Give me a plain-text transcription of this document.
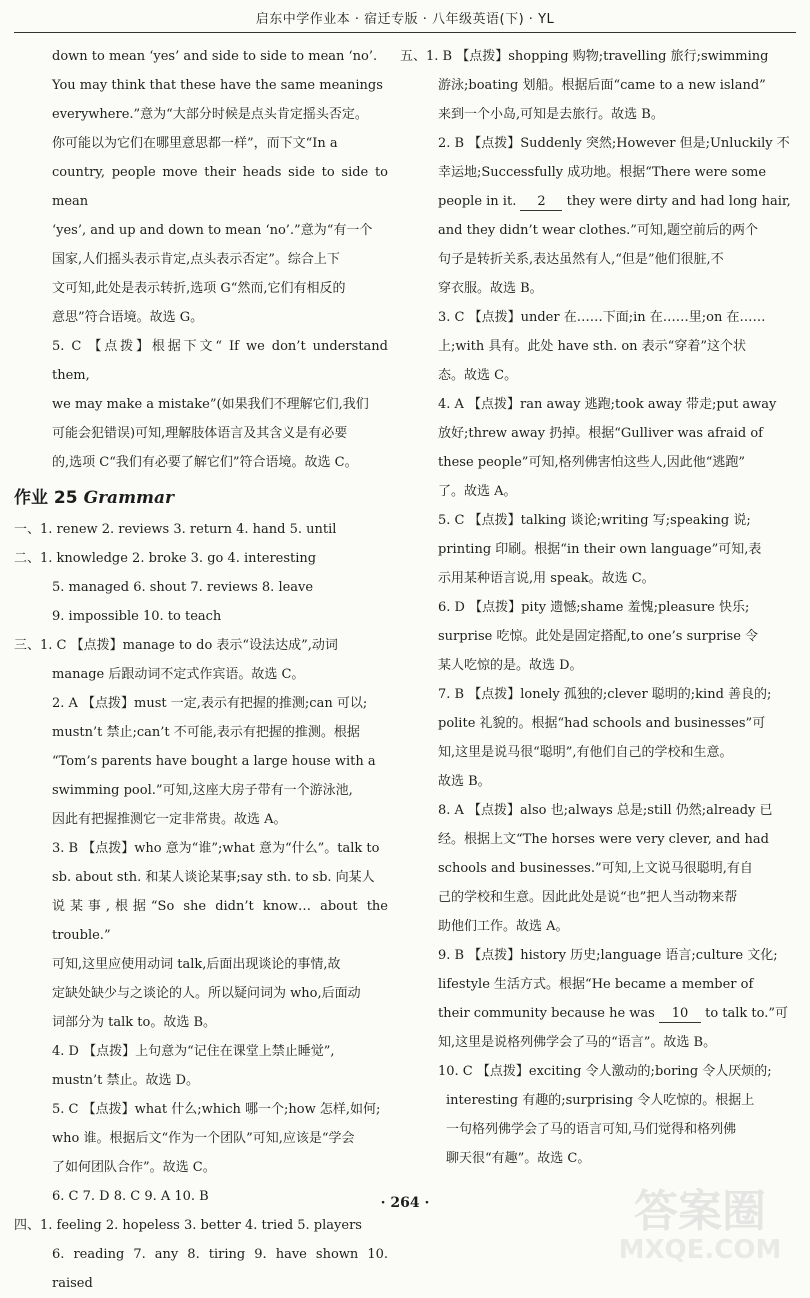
启东中学作业本 · 宿迁专版 · 八年级英语(下) · YL
down to mean ‘yes’ and side to side to mean ‘no’.
You may think that these have the same meanings
everywhere.”意为“大部分时候是点头肯定摇头否定。
你可能以为它们在哪里意思都一样”，而下文“In a
country, people move their heads side to side to mean
‘yes’, and up and down to mean ‘no’.”意为“有一个
国家,人们摇头表示肯定,点头表示否定”。综合上下
文可知,此处是表示转折,选项 G“然而,它们有相反的
意思”符合语境。故选 G。
5. C 【点拨】根据下文“ If we don’t understand them,
we may make a mistake”(如果我们不理解它们,我们
可能会犯错误)可知,理解肢体语言及其含义是有必要
的,选项 C“我们有必要了解它们”符合语境。故选 C。
作业 25 Grammar
一、1. renew 2. reviews 3. return 4. hand 5. until
二、1. knowledge 2. broke 3. go 4. interesting
5. managed 6. shout 7. reviews 8. leave
9. impossible 10. to teach
三、1. C 【点拨】manage to do 表示“设法达成”,动词
manage 后跟动词不定式作宾语。故选 C。
2. A 【点拨】must 一定,表示有把握的推测;can 可以;
mustn’t 禁止;can’t 不可能,表示有把握的推测。根据
“Tom’s parents have bought a large house with a
swimming pool.”可知,这座大房子带有一个游泳池,
因此有把握推测它一定非常贵。故选 A。
3. B 【点拨】who 意为“谁”;what 意为“什么”。talk to
sb. about sth. 和某人谈论某事;say sth. to sb. 向某人
说某事,根据“So she didn’t know… about the trouble.”
可知,这里应使用动词 talk,后面出现谈论的事情,故
定缺处缺少与之谈论的人。所以疑问词为 who,后面动
词部分为 talk to。故选 B。
4. D 【点拨】上句意为“记住在课堂上禁止睡觉”,
mustn’t 禁止。故选 D。
5. C 【点拨】what 什么;which 哪一个;how 怎样,如何;
who 谁。根据后文“作为一个团队”可知,应该是“学会
了如何团队合作”。故选 C。
6. C 7. D 8. C 9. A 10. B
四、1. feeling 2. hopeless 3. better 4. tried 5. players
6. reading 7. any 8. tiring 9. have shown 10. raised
五、1. B 【点拨】shopping 购物;travelling 旅行;swimming
游泳;boating 划船。根据后面“came to a new island”
来到一个小岛,可知是去旅行。故选 B。
2. B 【点拨】Suddenly 突然;However 但是;Unluckily 不
幸运地;Successfully 成功地。根据“There were some
people in it. 2 they were dirty and had long hair,
and they didn’t wear clothes.”可知,题空前后的两个
句子是转折关系,表达虽然有人,“但是”他们很脏,不
穿衣服。故选 B。
3. C 【点拨】under 在……下面;in 在……里;on 在……
上;with 具有。此处 have sth. on 表示“穿着”这个状
态。故选 C。
4. A 【点拨】ran away 逃跑;took away 带走;put away
放好;threw away 扔掉。根据“Gulliver was afraid of
these people”可知,格列佛害怕这些人,因此他“逃跑”
了。故选 A。
5. C 【点拨】talking 谈论;writing 写;speaking 说;
printing 印刷。根据“in their own language”可知,表
示用某种语言说,用 speak。故选 C。
6. D 【点拨】pity 遗憾;shame 羞愧;pleasure 快乐;
surprise 吃惊。此处是固定搭配,to one’s surprise 令
某人吃惊的是。故选 D。
7. B 【点拨】lonely 孤独的;clever 聪明的;kind 善良的;
polite 礼貌的。根据“had schools and businesses”可
知,这里是说马很“聪明”,有他们自己的学校和生意。
故选 B。
8. A 【点拨】also 也;always 总是;still 仍然;already 已
经。根据上文“The horses were very clever, and had
schools and businesses.”可知,上文说马很聪明,有自
己的学校和生意。因此此处是说“也”把人当动物来帮
助他们工作。故选 A。
9. B 【点拨】history 历史;language 语言;culture 文化;
lifestyle 生活方式。根据“He became a member of
their community because he was 10 to talk to.”可
知,这里是说格列佛学会了马的“语言”。故选 B。
10. C 【点拨】exciting 令人激动的;boring 令人厌烦的;
interesting 有趣的;surprising 令人吃惊的。根据上
一句格列佛学会了马的语言可知,马们觉得和格列佛
聊天很“有趣”。故选 C。
· 264 ·	答案圈
MXQE.COM
